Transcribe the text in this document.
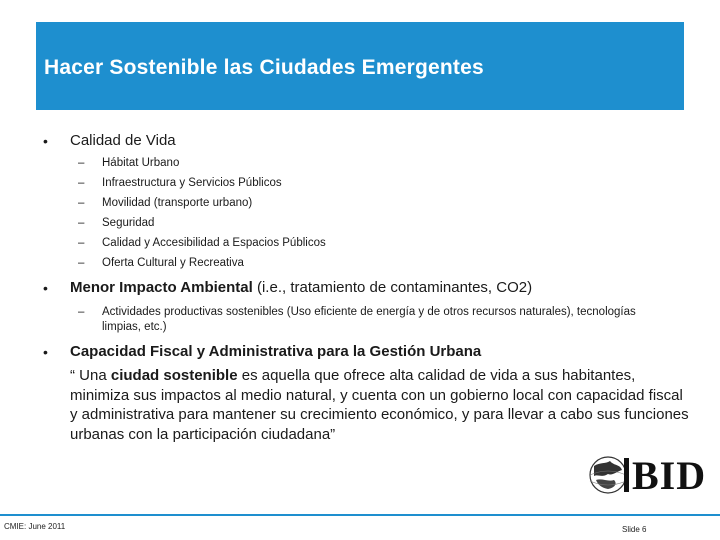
Hacer Sostenible las Ciudades Emergentes
• Calidad de Vida
– Hábitat Urbano
– Infraestructura y Servicios Públicos
– Movilidad (transporte urbano)
– Seguridad
– Calidad y Accesibilidad a Espacios Públicos
– Oferta Cultural y Recreativa
• Menor Impacto Ambiental (i.e., tratamiento de contaminantes, CO2)
– Actividades productivas sostenibles (Uso eficiente de energía y de otros recursos naturales), tecnologías limpias, etc.)
• Capacidad Fiscal y Administrativa para la Gestión Urbana
“ Una ciudad sostenible es aquella que ofrece alta calidad de vida a sus habitantes, minimiza sus impactos al medio natural, y cuenta con un gobierno local con capacidad fiscal y administrativa para mantener su crecimiento económico, y para llevar a cabo sus funciones urbanas con la participación ciudadana”
BID
CMIE: June 2011	Slide 6
